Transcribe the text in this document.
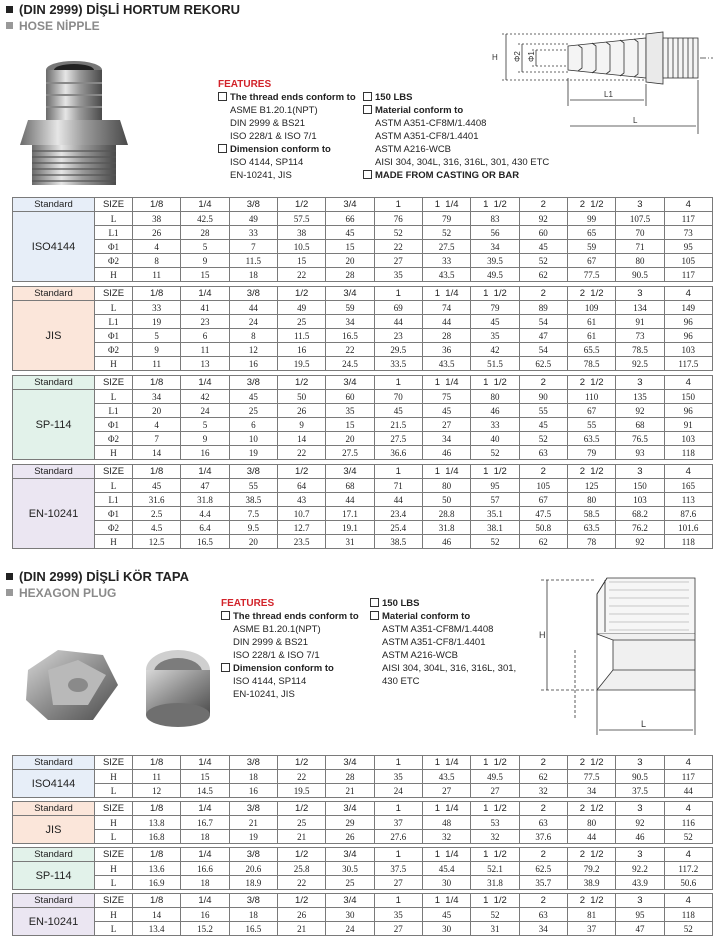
(DIN 2999) DİŞLİ HORTUM REKORU
HOSE NİPPLE
FEATURES
The thread ends conform to
ASME B1.20.1(NPT)
DIN 2999 & BS21
ISO 228/1 & ISO 7/1
Dimension conform to
ISO 4144, SP114
EN-10241, JIS
150 LBS
Material conform to
ASTM A351-CF8M/1.4408
ASTM A351-CF8/1.4401
ASTM A216-WCB
AISI 304, 304L, 316, 316L, 301, 430 ETC
MADE FROM CASTING OR BAR
H Φ2 Φ1
L1
L
Standard	SIZE	1/8	1/4	3/8	1/2	3/4	1	1  1/4	1  1/2	2	2  1/2	3	4
ISO4144	L	38	42.5	49	57.5	66	76	79	83	92	99	107.5	117
	L1	26	28	33	38	45	52	52	56	60	65	70	73
	Φ1	4	5	7	10.5	15	22	27.5	34	45	59	71	95
	Φ2	8	9	11.5	15	20	27	33	39.5	52	67	80	105
	H	11	15	18	22	28	35	43.5	49.5	62	77.5	90.5	117
Standard	SIZE	1/8	1/4	3/8	1/2	3/4	1	1  1/4	1  1/2	2	2  1/2	3	4
JIS	L	33	41	44	49	59	69	74	79	89	109	134	149
	L1	19	23	24	25	34	44	44	45	54	61	91	96
	Φ1	5	6	8	11.5	16.5	23	28	35	47	61	73	96
	Φ2	9	11	12	16	22	29.5	36	42	54	65.5	78.5	103
	H	11	13	16	19.5	24.5	33.5	43.5	51.5	62.5	78.5	92.5	117.5
Standard	SIZE	1/8	1/4	3/8	1/2	3/4	1	1  1/4	1  1/2	2	2  1/2	3	4
SP-114	L	34	42	45	50	60	70	75	80	90	110	135	150
	L1	20	24	25	26	35	45	45	46	55	67	92	96
	Φ1	4	5	6	9	15	21.5	27	33	45	55	68	91
	Φ2	7	9	10	14	20	27.5	34	40	52	63.5	76.5	103
	H	14	16	19	22	27.5	36.6	46	52	63	79	93	118
Standard	SIZE	1/8	1/4	3/8	1/2	3/4	1	1  1/4	1  1/2	2	2  1/2	3	4
EN-10241	L	45	47	55	64	68	71	80	95	105	125	150	165
	L1	31.6	31.8	38.5	43	44	44	50	57	67	80	103	113
	Φ1	2.5	4.4	7.5	10.7	17.1	23.4	28.8	35.1	47.5	58.5	68.2	87.6
	Φ2	4.5	6.4	9.5	12.7	19.1	25.4	31.8	38.1	50.8	63.5	76.2	101.6
	H	12.5	16.5	20	23.5	31	38.5	46	52	62	78	92	118
(DIN 2999) DİŞLİ KÖR TAPA
HEXAGON PLUG
FEATURES
The thread ends conform to
ASME B1.20.1(NPT)
DIN 2999 & BS21
ISO 228/1 & ISO 7/1
Dimension conform to
ISO 4144, SP114
EN-10241, JIS
150 LBS
Material conform to
ASTM A351-CF8M/1.4408
ASTM A351-CF8/1.4401
ASTM A216-WCB
AISI 304, 304L, 316, 316L, 301,
430 ETC
H
L
Standard	SIZE	1/8	1/4	3/8	1/2	3/4	1	1  1/4	1  1/2	2	2  1/2	3	4
ISO4144	H	11	15	18	22	28	35	43.5	49.5	62	77.5	90.5	117
	L	12	14.5	16	19.5	21	24	27	27	32	34	37.5	44
Standard	SIZE	1/8	1/4	3/8	1/2	3/4	1	1  1/4	1  1/2	2	2  1/2	3	4
JIS	H	13.8	16.7	21	25	29	37	48	53	63	80	92	116
	L	16.8	18	19	21	26	27.6	32	32	37.6	44	46	52
Standard	SIZE	1/8	1/4	3/8	1/2	3/4	1	1  1/4	1  1/2	2	2  1/2	3	4
SP-114	H	13.6	16.6	20.6	25.8	30.5	37.5	45.4	52.1	62.5	79.2	92.2	117.2
	L	16.9	18	18.9	22	25	27	30	31.8	35.7	38.9	43.9	50.6
Standard	SIZE	1/8	1/4	3/8	1/2	3/4	1	1  1/4	1  1/2	2	2  1/2	3	4
EN-10241	H	14	16	18	26	30	35	45	52	63	81	95	118
	L	13.4	15.2	16.5	21	24	27	30	31	34	37	47	52
